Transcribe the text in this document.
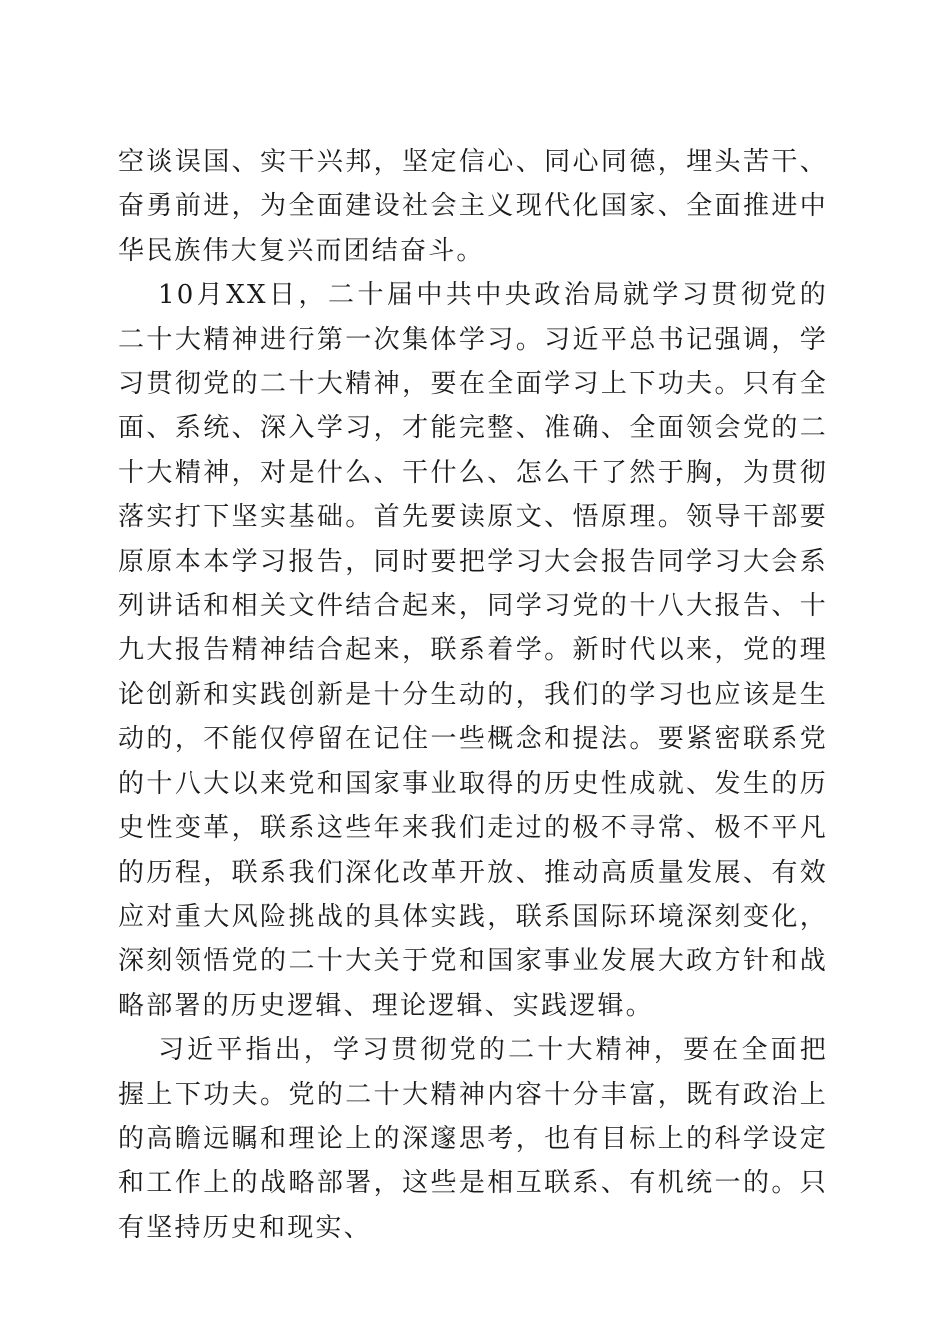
空谈误国、实干兴邦，坚定信心、同心同德，埋头苦干、奋勇前进，为全面建设社会主义现代化国家、全面推进中华民族伟大复兴而团结奋斗。

10月XX日，二十届中共中央政治局就学习贯彻党的二十大精神进行第一次集体学习。习近平总书记强调，学习贯彻党的二十大精神，要在全面学习上下功夫。只有全面、系统、深入学习，才能完整、准确、全面领会党的二十大精神，对是什么、干什么、怎么干了然于胸，为贯彻落实打下坚实基础。首先要读原文、悟原理。领导干部要原原本本学习报告，同时要把学习大会报告同学习大会系列讲话和相关文件结合起来，同学习党的十八大报告、十九大报告精神结合起来，联系着学。新时代以来，党的理论创新和实践创新是十分生动的，我们的学习也应该是生动的，不能仅停留在记住一些概念和提法。要紧密联系党的十八大以来党和国家事业取得的历史性成就、发生的历史性变革，联系这些年来我们走过的极不寻常、极不平凡的历程，联系我们深化改革开放、推动高质量发展、有效应对重大风险挑战的具体实践，联系国际环境深刻变化，深刻领悟党的二十大关于党和国家事业发展大政方针和战略部署的历史逻辑、理论逻辑、实践逻辑。

习近平指出，学习贯彻党的二十大精神，要在全面把握上下功夫。党的二十大精神内容十分丰富，既有政治上的高瞻远瞩和理论上的深邃思考，也有目标上的科学设定和工作上的战略部署，这些是相互联系、有机统一的。只有坚持历史和现实、
